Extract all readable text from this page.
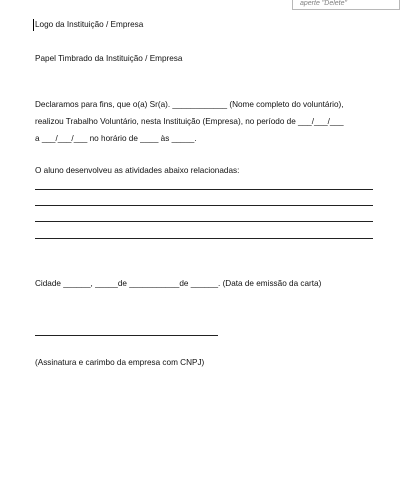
aperte "Delete"
Logo da Instituição / Empresa
Papel Timbrado da Instituição / Empresa
Declaramos para fins, que o(a) Sr(a). ____________ (Nome completo do voluntário),
realizou Trabalho Voluntário, nesta Instituição (Empresa), no período de ___/___/___
a ___/___/___ no horário de ____ às _____.
O aluno desenvolveu as atividades abaixo relacionadas:
Cidade ______, _____de ___________de ______. (Data de emissão da carta)
(Assinatura e carimbo da empresa com CNPJ)
